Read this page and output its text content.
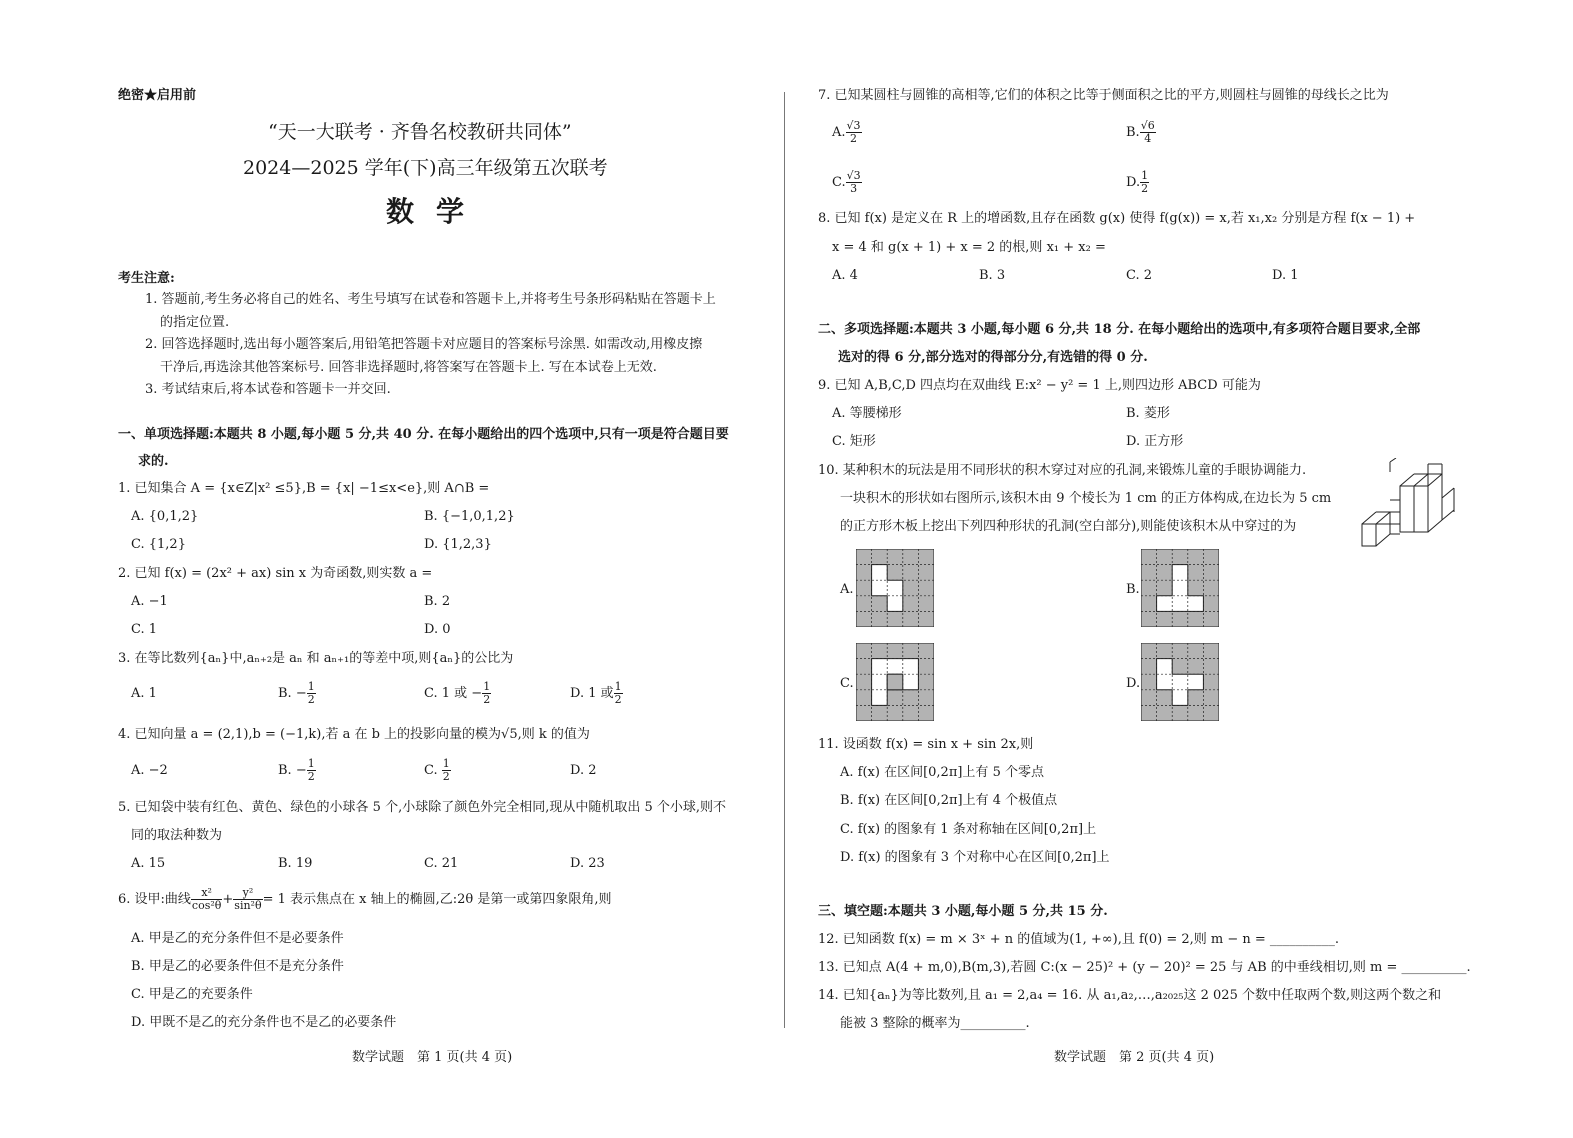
绝密★启用前
“天一大联考 · 齐鲁名校教研共同体”
2024—2025 学年(下)高三年级第五次联考
数学
考生注意:
1. 答题前,考生务必将自己的姓名、考生号填写在试卷和答题卡上,并将考生号条形码粘贴在答题卡上
的指定位置.
2. 回答选择题时,选出每小题答案后,用铅笔把答题卡对应题目的答案标号涂黑. 如需改动,用橡皮擦
干净后,再选涂其他答案标号. 回答非选择题时,将答案写在答题卡上. 写在本试卷上无效.
3. 考试结束后,将本试卷和答题卡一并交回.
一、单项选择题:本题共 8 小题,每小题 5 分,共 40 分. 在每小题给出的四个选项中,只有一项是符合题目要
求的.
1. 已知集合 A = {x∈Z|x² ≤5},B = {x| −1≤x<e},则 A∩B =
A. {0,1,2}	B. {−1,0,1,2}
C. {1,2}	D. {1,2,3}
2. 已知 f(x) = (2x² + ax) sin x 为奇函数,则实数 a =
A. −1	B. 2
C. 1	D. 0
3. 在等比数列{aₙ}中,aₙ₊₂是 aₙ 和 aₙ₊₁的等差中项,则{aₙ}的公比为
A. 1	B. − $\frac{1}{2}$	C. 1 或 − $\frac{1}{2}$	D. 1 或 $\frac{1}{2}$
4. 已知向量 a = (2,1),b = (−1,k),若 a 在 b 上的投影向量的模为√5,则 k 的值为
A. −2	B. − $\frac{1}{2}$	C. $\frac{1}{2}$	D. 2
5. 已知袋中装有红色、黄色、绿色的小球各 5 个,小球除了颜色外完全相同,现从中随机取出 5 个小球,则不
同的取法种数为
A. 15	B. 19	C. 21	D. 23
6. 设甲:曲线 $\frac{\text{x²}}{\text{cos²θ}} + \frac{\text{y²}}{\text{sin²θ}} = 1$ 表示焦点在 x 轴上的椭圆,乙:2θ 是第一或第四象限角,则
A. 甲是乙的充分条件但不是必要条件
B. 甲是乙的必要条件但不是充分条件
C. 甲是乙的充要条件
D. 甲既不是乙的充分条件也不是乙的必要条件
数学试题　第 1 页(共 4 页)
7. 已知某圆柱与圆锥的高相等,它们的体积之比等于侧面积之比的平方,则圆柱与圆锥的母线长之比为
A. $\frac{√3}{2}$	B. $\frac{√6}{4}$
C. $\frac{√3}{3}$	D. $\frac{1}{2}$
8. 已知 f(x) 是定义在 R 上的增函数,且存在函数 g(x) 使得 f(g(x)) = x,若 x₁,x₂ 分别是方程 f(x − 1) +
x = 4 和 g(x + 1) + x = 2 的根,则 x₁ + x₂ =
A. 4	B. 3	C. 2	D. 1
二、多项选择题:本题共 3 小题,每小题 6 分,共 18 分. 在每小题给出的选项中,有多项符合题目要求,全部
选对的得 6 分,部分选对的得部分分,有选错的得 0 分.
9. 已知 A,B,C,D 四点均在双曲线 E:x² − y² = 1 上,则四边形 ABCD 可能为
A. 等腰梯形	B. 菱形
C. 矩形	D. 正方形
10. 某种积木的玩法是用不同形状的积木穿过对应的孔洞,来锻炼儿童的手眼协调能力.
一块积木的形状如右图所示,该积木由 9 个棱长为 1 cm 的正方体构成,在边长为 5 cm
的正方形木板上挖出下列四种形状的孔洞(空白部分),则能使该积木从中穿过的为
A.	B.
C.	D.
11. 设函数 f(x) = sin x + sin 2x,则
A. f(x) 在区间[0,2π]上有 5 个零点
B. f(x) 在区间[0,2π]上有 4 个极值点
C. f(x) 的图象有 1 条对称轴在区间[0,2π]上
D. f(x) 的图象有 3 个对称中心在区间[0,2π]上
三、填空题:本题共 3 小题,每小题 5 分,共 15 分.
12. 已知函数 f(x) = m × 3ˣ + n 的值域为(1, +∞),且 f(0) = 2,则 m − n = __________.
13. 已知点 A(4 + m,0),B(m,3),若圆 C:(x − 25)² + (y − 20)² = 25 与 AB 的中垂线相切,则 m = __________.
14. 已知{aₙ}为等比数列,且 a₁ = 2,a₄ = 16. 从 a₁,a₂,…,a₂₀₂₅这 2 025 个数中任取两个数,则这两个数之和
能被 3 整除的概率为__________.
数学试题　第 2 页(共 4 页)
